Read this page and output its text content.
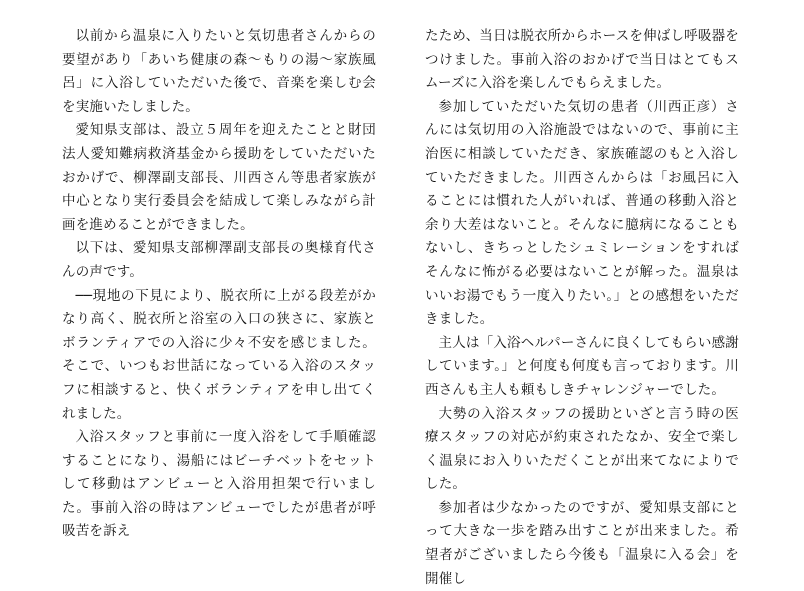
以前から温泉に入りたいと気切患者さんからの要望があり「あいち健康の森〜もりの湯〜家族風呂」に入浴していただいた後で、音楽を楽しむ会を実施いたしました。

愛知県支部は、設立５周年を迎えたことと財団法人愛知難病救済基金から援助をしていただいたおかげで、柳澤副支部長、川西さん等患者家族が中心となり実行委員会を結成して楽しみながら計画を進めることができました。

以下は、愛知県支部柳澤副支部長の奥様育代さんの声です。

──現地の下見により、脱衣所に上がる段差がかなり高く、脱衣所と浴室の入口の狭さに、家族とボランティアでの入浴に少々不安を感じました。そこで、いつもお世話になっている入浴のスタッフに相談すると、快くボランティアを申し出てくれました。

入浴スタッフと事前に一度入浴をして手順確認することになり、湯船にはビーチベットをセットして移動はアンビューと入浴用担架で行いました。事前入浴の時はアンビューでしたが患者が呼吸苦を訴え

たため、当日は脱衣所からホースを伸ばし呼吸器をつけました。事前入浴のおかげで当日はとてもスムーズに入浴を楽しんでもらえました。

参加していただいた気切の患者（川西正彦）さんには気切用の入浴施設ではないので、事前に主治医に相談していただき、家族確認のもと入浴していただきました。川西さんからは「お風呂に入ることには慣れた人がいれば、普通の移動入浴と余り大差はないこと。そんなに臆病になることもないし、きちっとしたシュミレーションをすればそんなに怖がる必要はないことが解った。温泉はいいお湯でもう一度入りたい。」との感想をいただきました。

主人は「入浴ヘルパーさんに良くしてもらい感謝しています。」と何度も何度も言っております。川西さんも主人も頼もしきチャレンジャーでした。

大勢の入浴スタッフの援助といざと言う時の医療スタッフの対応が約束されたなか、安全で楽しく温泉にお入りいただくことが出来てなによりでした。

参加者は少なかったのですが、愛知県支部にとって大きな一歩を踏み出すことが出来ました。希望者がございましたら今後も「温泉に入る会」を開催し
